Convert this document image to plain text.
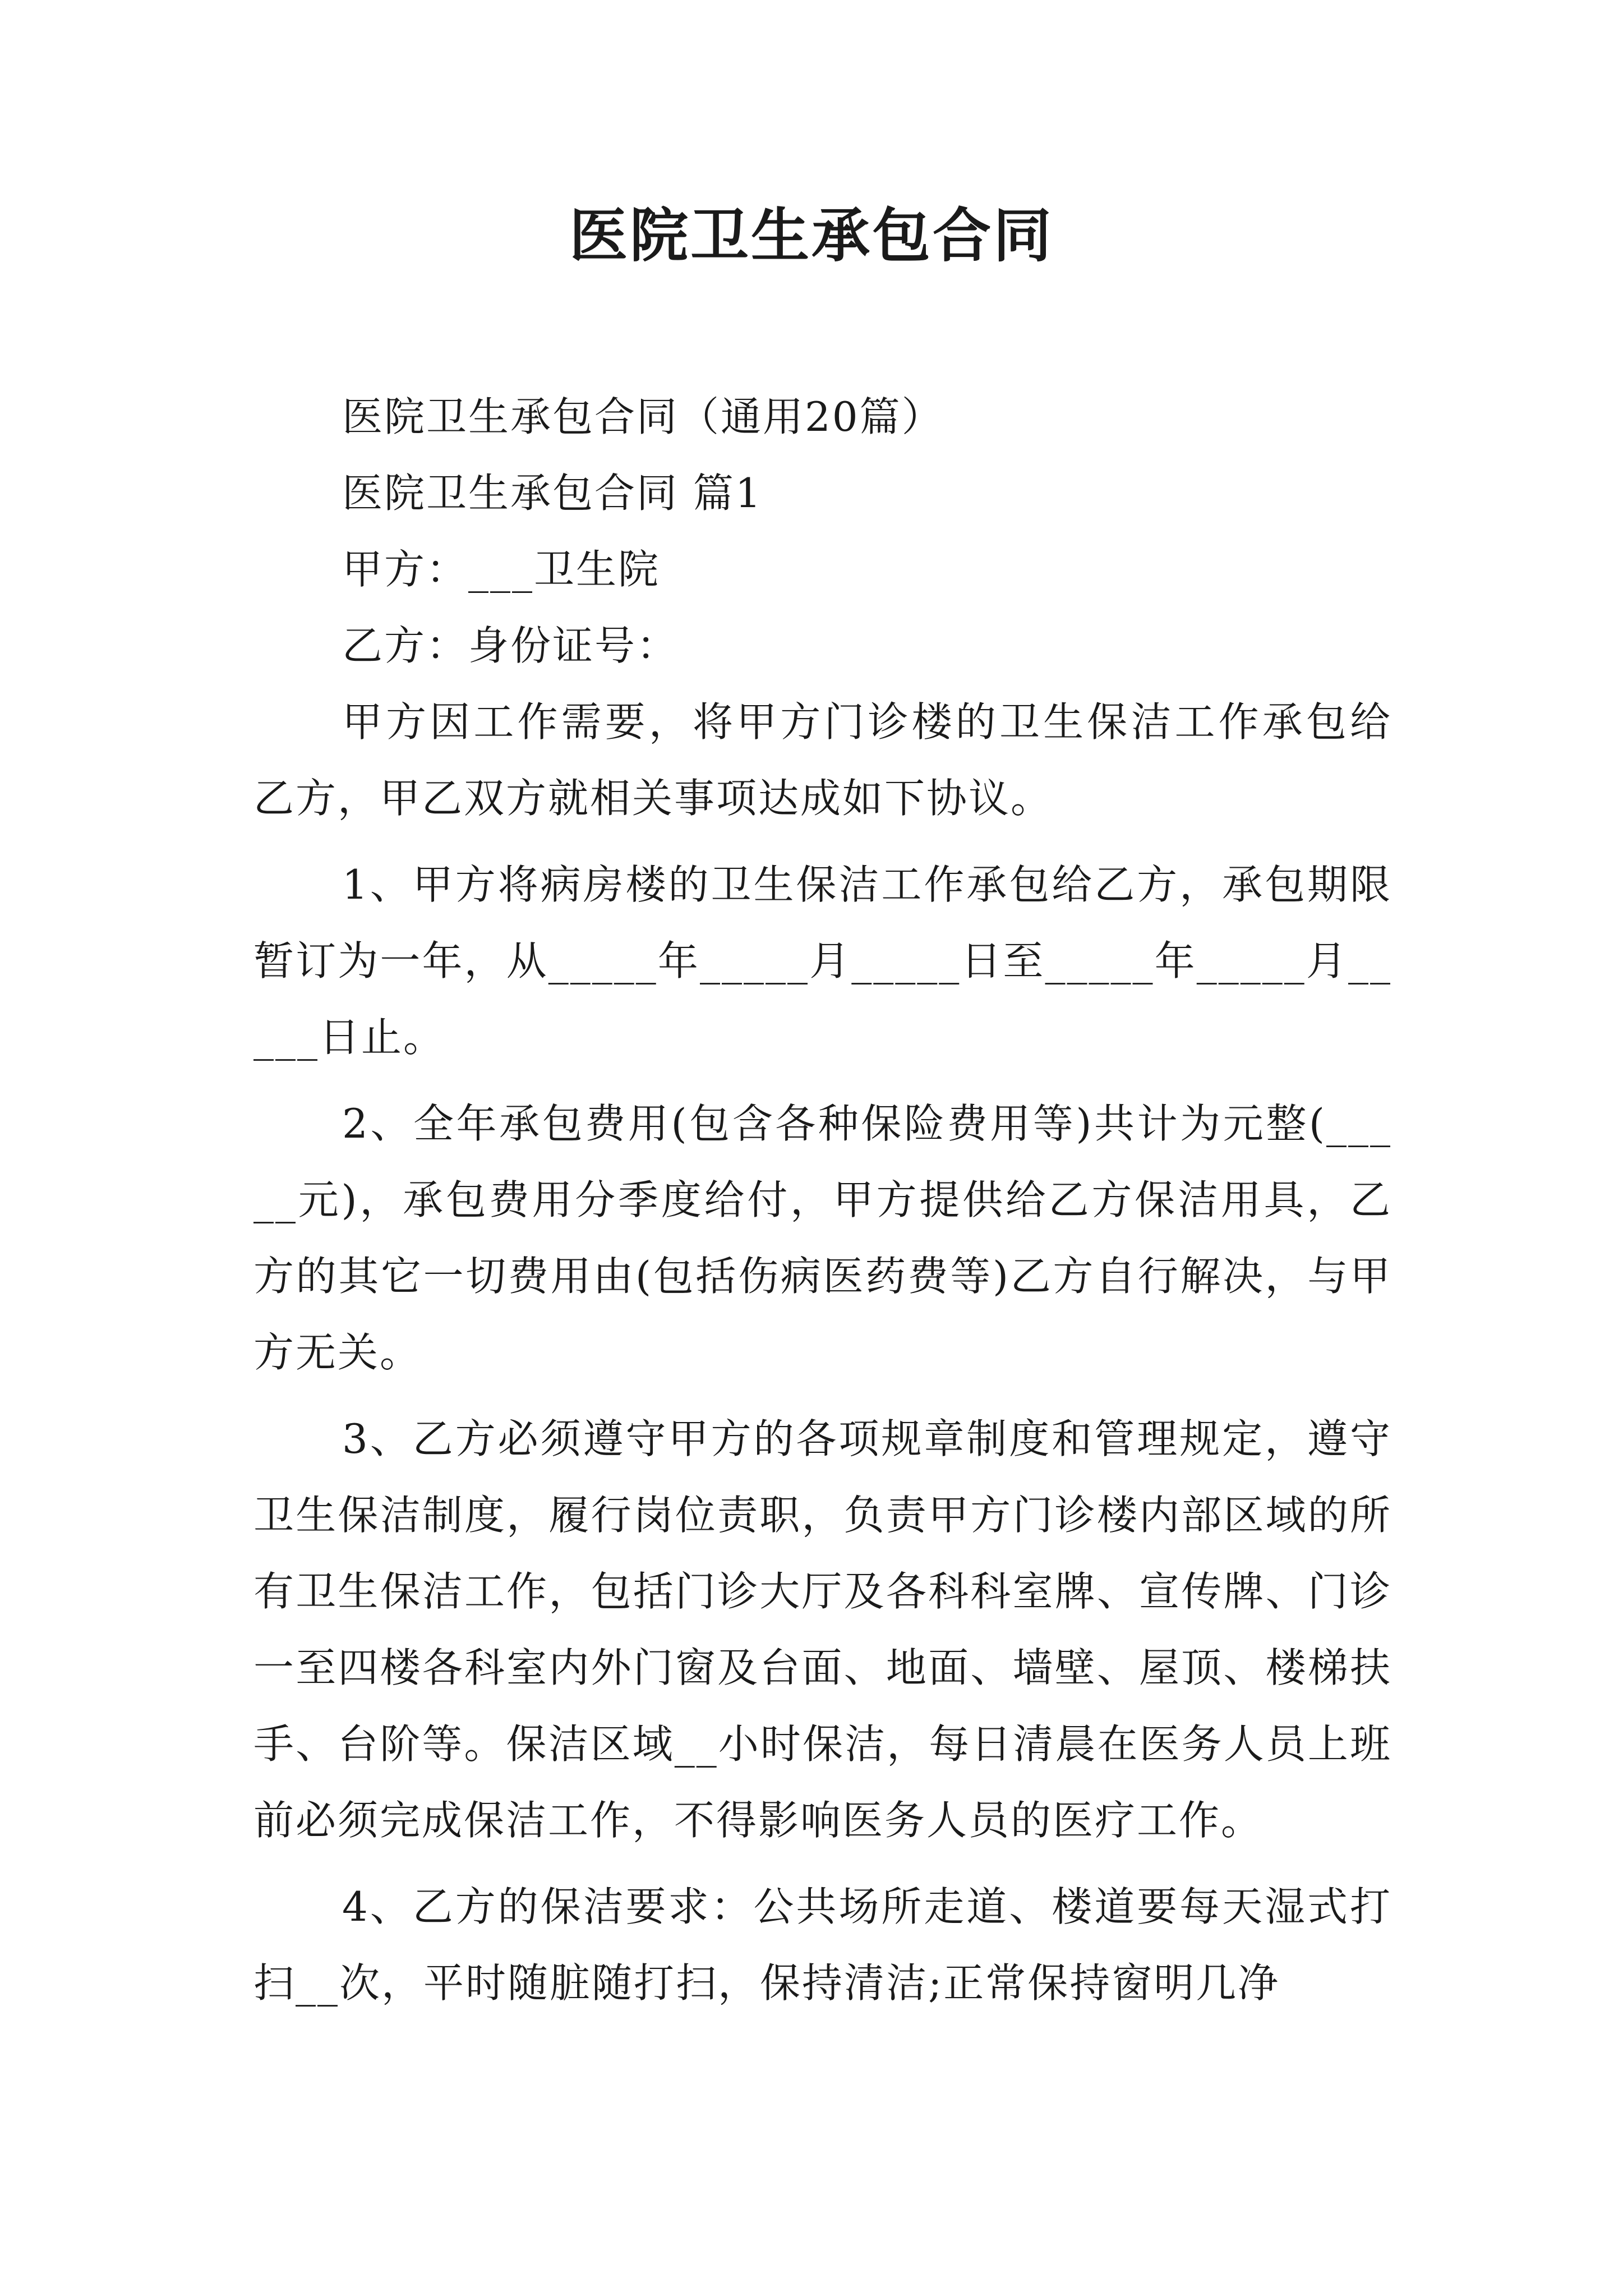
医院卫生承包合同

医院卫生承包合同（通用20篇）

医院卫生承包合同 篇1

甲方：___卫生院

乙方：身份证号：

甲方因工作需要，将甲方门诊楼的卫生保洁工作承包给乙方，甲乙双方就相关事项达成如下协议。

1、甲方将病房楼的卫生保洁工作承包给乙方，承包期限暂订为一年，从_____年_____月_____日至_____年_____月_____日止。

2、全年承包费用(包含各种保险费用等)共计为元整(_____元)，承包费用分季度给付，甲方提供给乙方保洁用具，乙方的其它一切费用由(包括伤病医药费等)乙方自行解决，与甲方无关。

3、乙方必须遵守甲方的各项规章制度和管理规定，遵守卫生保洁制度，履行岗位责职，负责甲方门诊楼内部区域的所有卫生保洁工作，包括门诊大厅及各科科室牌、宣传牌、门诊一至四楼各科室内外门窗及台面、地面、墙壁、屋顶、楼梯扶手、台阶等。保洁区域__小时保洁，每日清晨在医务人员上班前必须完成保洁工作，不得影响医务人员的医疗工作。

4、乙方的保洁要求：公共场所走道、楼道要每天湿式打扫__次，平时随脏随打扫，保持清洁;正常保持窗明几净
